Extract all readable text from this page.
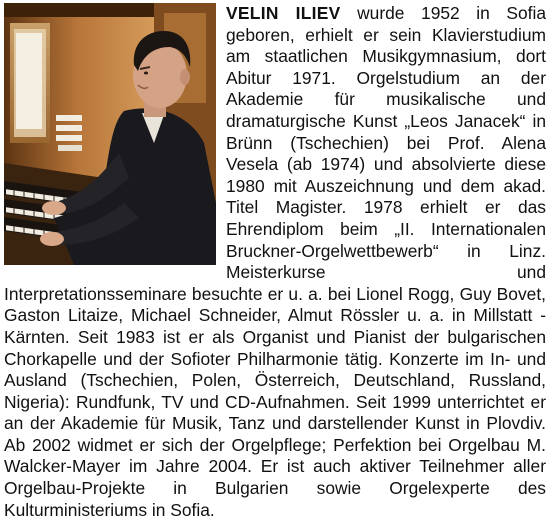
VELIN ILIEV wurde 1952 in Sofia geboren, erhielt er sein Klavierstudium am staatlichen Musikgymnasium, dort Abitur 1971. Orgelstudium an der Akademie für musikalische und dramaturgische Kunst „Leos Janacek“ in Brünn (Tschechien) bei Prof. Alena Vesela (ab 1974) und absolvierte diese 1980 mit Auszeichnung und dem akad. Titel Magister. 1978 erhielt er das Ehrendiplom beim „II. Internationalen Bruckner-Orgelwettbewerb“ in Linz. Meisterkurse und Interpretationsseminare besuchte er u. a. bei Lionel Rogg, Guy Bovet, Gaston Litaize, Michael Schneider, Almut Rössler u. a. in Millstatt - Kärnten. Seit 1983 ist er als Organist und Pianist der bulgarischen Chorkapelle und der Sofioter Philharmonie tätig. Konzerte im In- und Ausland (Tschechien, Polen, Österreich, Deutschland, Russland, Nigeria): Rundfunk, TV und CD-Aufnahmen. Seit 1999 unterrichtet er an der Akademie für Musik, Tanz und darstellender Kunst in Plovdiv. Ab 2002 widmet er sich der Orgelpflege; Perfektion bei Orgelbau M. Walcker-Mayer im Jahre 2004. Er ist auch aktiver Teilnehmer aller Orgelbau-Projekte in Bulgarien sowie Orgelexperte des Kulturministeriums in Sofia.
